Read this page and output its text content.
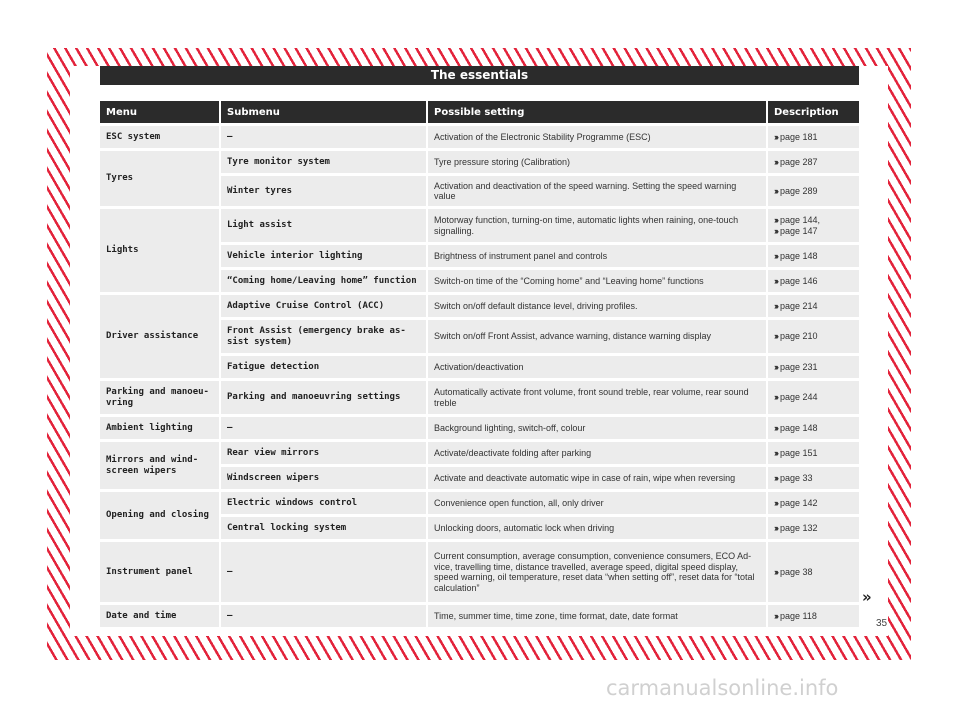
The essentials
Menu	Submenu	Possible setting	Description
ESC system	–	Activation of the Electronic Stability Programme (ESC)	››› page 181
Tyres	Tyre monitor system	Tyre pressure storing (Calibration)	››› page 287
	Winter tyres	Activation and deactivation of the speed warning. Setting the speed warning value	››› page 289
Lights	Light assist	Motorway function, turning-on time, automatic lights when raining, one-touch signalling.	››› page 144,
››› page 147
	Vehicle interior lighting	Brightness of instrument panel and controls	››› page 148
	“Coming home/Leaving home” function	Switch-on time of the “Coming home” and “Leaving home” functions	››› page 146
Driver assistance	Adaptive Cruise Control (ACC)	Switch on/off default distance level, driving profiles.	››› page 214
	Front Assist (emergency brake as-sist system)	Switch on/off Front Assist, advance warning, distance warning display	››› page 210
	Fatigue detection	Activation/deactivation	››› page 231
Parking and manoeu-vring	Parking and manoeuvring settings	Automatically activate front volume, front sound treble, rear volume, rear sound treble	››› page 244
Ambient lighting	–	Background lighting, switch-off, colour	››› page 148
Mirrors and wind-screen wipers	Rear view mirrors	Activate/deactivate folding after parking	››› page 151
	Windscreen wipers	Activate and deactivate automatic wipe in case of rain, wipe when reversing	››› page 33
Opening and closing	Electric windows control	Convenience open function, all, only driver	››› page 142
	Central locking system	Unlocking doors, automatic lock when driving	››› page 132
Instrument panel	–	Current consumption, average consumption, convenience consumers, ECO Ad-vice, travelling time, distance travelled, average speed, digital speed display, speed warning, oil temperature, reset data “when setting off”, reset data for “total calculation”	››› page 38
Date and time	–	Time, summer time, time zone, time format, date, date format	››› page 118
»
35
carmanualsonline.info
